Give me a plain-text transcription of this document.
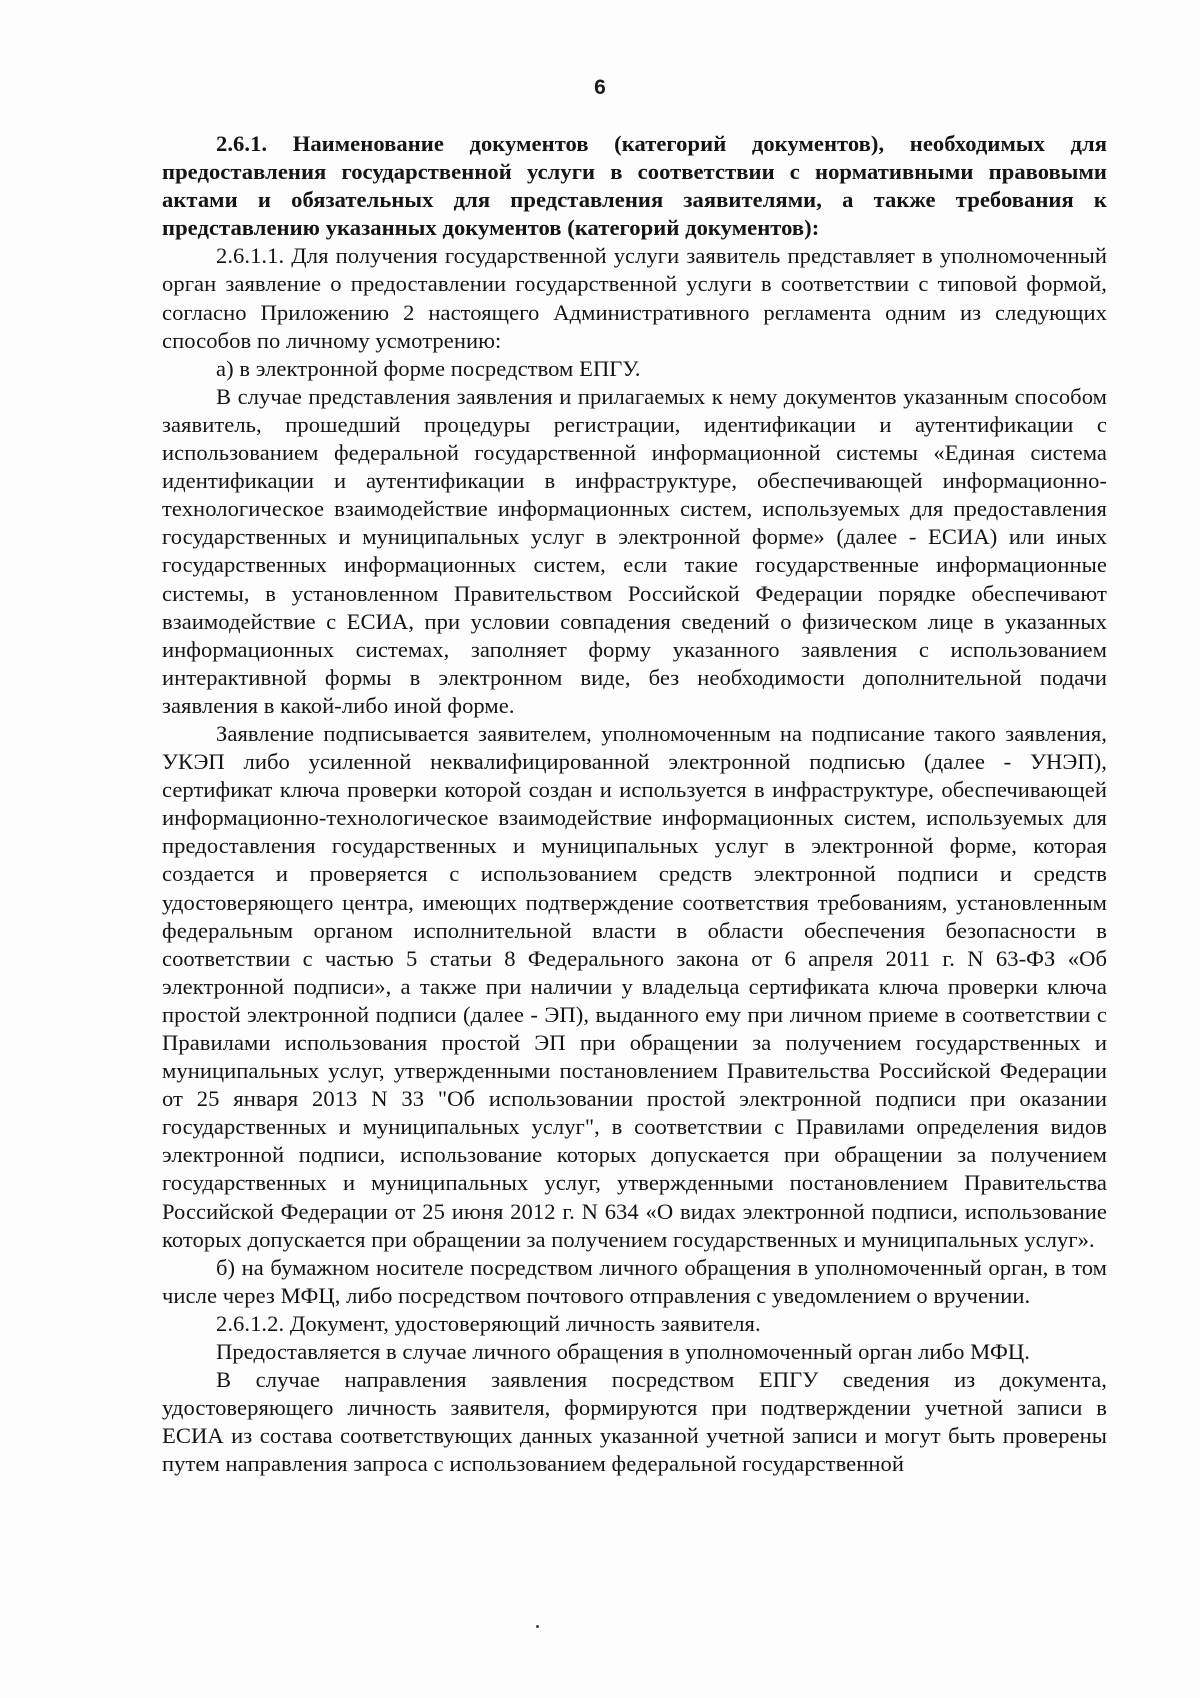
6

2.6.1. Наименование документов (категорий документов), необходимых для предоставления государственной услуги в соответствии с нормативными правовыми актами и обязательных для представления заявителями, а также требования к представлению указанных документов (категорий документов):

2.6.1.1. Для получения государственной услуги заявитель представляет в уполномоченный орган заявление о предоставлении государственной услуги в соответствии с типовой формой, согласно Приложению 2 настоящего Административного регламента одним из следующих способов по личному усмотрению:

а) в электронной форме посредством ЕПГУ.

В случае представления заявления и прилагаемых к нему документов указанным способом заявитель, прошедший процедуры регистрации, идентификации и аутентификации с использованием федеральной государственной информационной системы «Единая система идентификации и аутентификации в инфраструктуре, обеспечивающей информационно-технологическое взаимодействие информационных систем, используемых для предоставления государственных и муниципальных услуг в электронной форме» (далее - ЕСИА) или иных государственных информационных систем, если такие государственные информационные системы, в установленном Правительством Российской Федерации порядке обеспечивают взаимодействие с ЕСИА, при условии совпадения сведений о физическом лице в указанных информационных системах, заполняет форму указанного заявления с использованием интерактивной формы в электронном виде, без необходимости дополнительной подачи заявления в какой-либо иной форме.

Заявление подписывается заявителем, уполномоченным на подписание такого заявления, УКЭП либо усиленной неквалифицированной электронной подписью (далее - УНЭП), сертификат ключа проверки которой создан и используется в инфраструктуре, обеспечивающей информационно-технологическое взаимодействие информационных систем, используемых для предоставления государственных и муниципальных услуг в электронной форме, которая создается и проверяется с использованием средств электронной подписи и средств удостоверяющего центра, имеющих подтверждение соответствия требованиям, установленным федеральным органом исполнительной власти в области обеспечения безопасности в соответствии с частью 5 статьи 8 Федерального закона от 6 апреля 2011 г. N 63-ФЗ «Об электронной подписи», а также при наличии у владельца сертификата ключа проверки ключа простой электронной подписи (далее - ЭП), выданного ему при личном приеме в соответствии с Правилами использования простой ЭП при обращении за получением государственных и муниципальных услуг, утвержденными постановлением Правительства Российской Федерации от 25 января 2013 N 33 "Об использовании простой электронной подписи при оказании государственных и муниципальных услуг", в соответствии с Правилами определения видов электронной подписи, использование которых допускается при обращении за получением государственных и муниципальных услуг, утвержденными постановлением Правительства Российской Федерации от 25 июня 2012 г. N 634 «О видах электронной подписи, использование которых допускается при обращении за получением государственных и муниципальных услуг».

б) на бумажном носителе посредством личного обращения в уполномоченный орган, в том числе через МФЦ, либо посредством почтового отправления с уведомлением о вручении.

2.6.1.2. Документ, удостоверяющий личность заявителя.

Предоставляется в случае личного обращения в уполномоченный орган либо МФЦ.

В случае направления заявления посредством ЕПГУ сведения из документа, удостоверяющего личность заявителя, формируются при подтверждении учетной записи в ЕСИА из состава соответствующих данных указанной учетной записи и могут быть проверены путем направления запроса с использованием федеральной государственной
